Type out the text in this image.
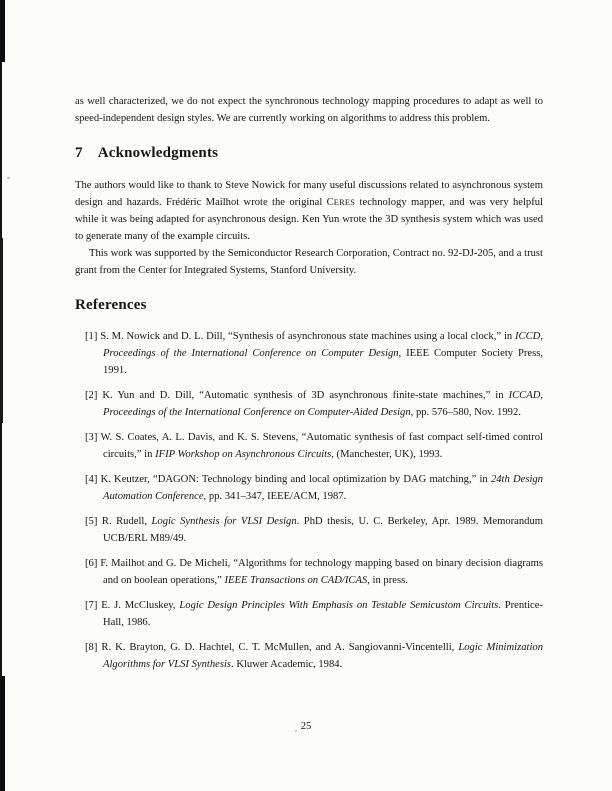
as well characterized, we do not expect the synchronous technology mapping procedures to adapt as well to speed-independent design styles. We are currently working on algorithms to address this problem.

7 Acknowledgments

The authors would like to thank to Steve Nowick for many useful discussions related to asynchronous system design and hazards. Frédéric Mailhot wrote the original CERES technology mapper, and was very helpful while it was being adapted for asynchronous design. Ken Yun wrote the 3D synthesis system which was used to generate many of the example circuits.

This work was supported by the Semiconductor Research Corporation, Contract no. 92-DJ-205, and a trust grant from the Center for Integrated Systems, Stanford University.

References
[1] S. M. Nowick and D. L. Dill, “Synthesis of asynchronous state machines using a local clock,” in ICCD, Proceedings of the International Conference on Computer Design, IEEE Computer Society Press, 1991.
[2] K. Yun and D. Dill, “Automatic synthesis of 3D asynchronous finite-state machines,” in ICCAD, Proceedings of the International Conference on Computer-Aided Design, pp. 576–580, Nov. 1992.
[3] W. S. Coates, A. L. Davis, and K. S. Stevens, “Automatic synthesis of fast compact self-timed control circuits,” in IFIP Workshop on Asynchronous Circuits, (Manchester, UK), 1993.
[4] K. Keutzer, “DAGON: Technology binding and local optimization by DAG matching,” in 24th Design Automation Conference, pp. 341–347, IEEE/ACM, 1987.
[5] R. Rudell, Logic Synthesis for VLSI Design. PhD thesis, U. C. Berkeley, Apr. 1989. Memorandum UCB/ERL M89/49.
[6] F. Mailhot and G. De Micheli, “Algorithms for technology mapping based on binary decision diagrams and on boolean operations,” IEEE Transactions on CAD/ICAS, in press.
[7] E. J. McCluskey, Logic Design Principles With Emphasis on Testable Semicustom Circuits. Prentice-Hall, 1986.
[8] R. K. Brayton, G. D. Hachtel, C. T. McMullen, and A. Sangiovanni-Vincentelli, Logic Minimization Algorithms for VLSI Synthesis. Kluwer Academic, 1984.
25
